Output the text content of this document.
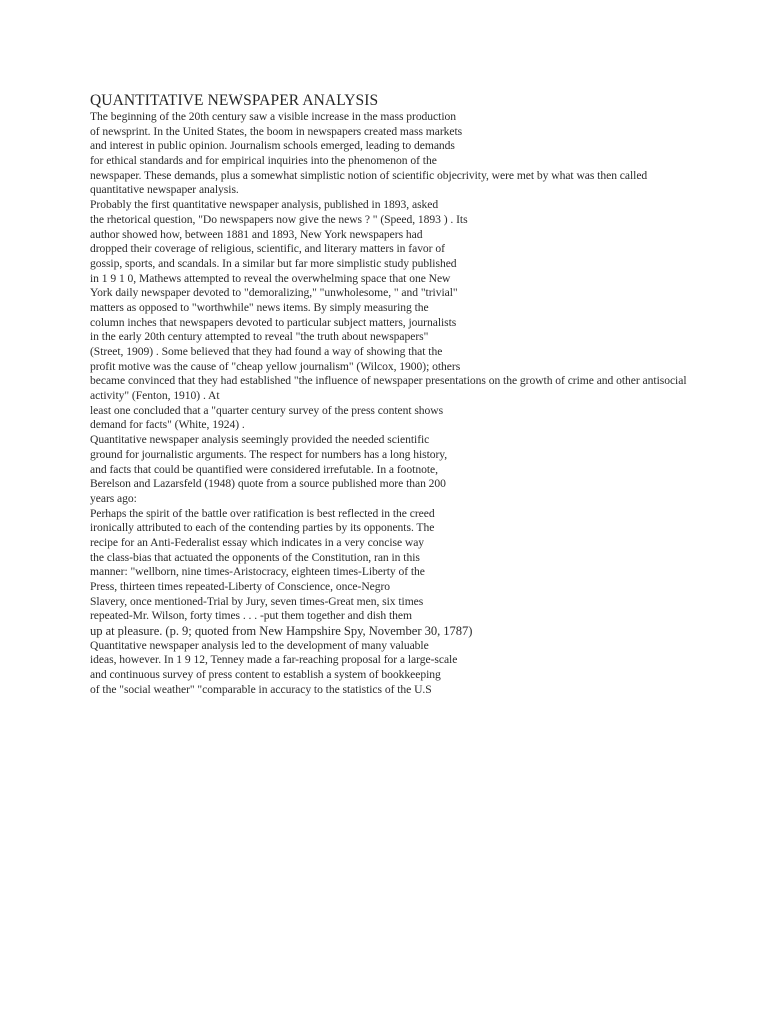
QUANTITATIVE NEWSPAPER ANALYSIS
The beginning of the 20th century saw a visible increase in the mass production
of newsprint. In the United States, the boom in newspapers created mass markets
and interest in public opinion. Journalism schools emerged, leading to demands
for ethical standards and for empirical inquiries into the phenomenon of the
newspaper. These demands, plus a somewhat simplistic notion of scientific objecrivity, were met by what was then called
quantitative newspaper analysis.
Probably the first quantitative newspaper analysis, published in 1893, asked
the rhetorical question, "Do newspapers now give the news ? " (Speed, 1893 ) . Its
author showed how, between 1881 and 1893, New York newspapers had
dropped their coverage of religious, scientific, and literary matters in favor of
gossip, sports, and scandals. In a similar but far more simplistic study published
in 1 9 1 0, Mathews attempted to reveal the overwhelming space that one New
York daily newspaper devoted to "demoralizing," "unwholesome, " and "trivial"
matters as opposed to "worthwhile" news items. By simply measuring the
column inches that newspapers devoted to particular subject matters, journalists
in the early 20th century attempted to reveal "the truth about newspapers"
(Street, 1909) . Some believed that they had found a way of showing that the
profit motive was the cause of "cheap yellow journalism" (Wilcox, 1900); others
became convinced that they had established "the influence of newspaper presentations on the growth of crime and other antisocial
activity" (Fenton, 1910) . At
least one concluded that a "quarter century survey of the press content shows
demand for facts" (White, 1924) .
Quantitative newspaper analysis seemingly provided the needed scientific
ground for journalistic arguments. The respect for numbers has a long history,
and facts that could be quantified were considered irrefutable. In a footnote,
Berelson and Lazarsfeld (1948) quote from a source published more than 200
years ago:
Perhaps the spirit of the battle over ratification is best reflected in the creed
ironically attributed to each of the contending parties by its opponents. The
recipe for an Anti-Federalist essay which indicates in a very concise way
the class-bias that actuated the opponents of the Constitution, ran in this
manner: "wellborn, nine times-Aristocracy, eighteen times-Liberty of the
Press, thirteen times repeated-Liberty of Conscience, once-Negro
Slavery, once mentioned-Trial by Jury, seven times-Great men, six times
repeated-Mr. Wilson, forty times . . . -put them together and dish them
up at pleasure. (p. 9; quoted from New Hampshire Spy, November 30, 1787)
Quantitative newspaper analysis led to the development of many valuable
ideas, however. In 1 9 12, Tenney made a far-reaching proposal for a large-scale
and continuous survey of press content to establish a system of bookkeeping
of the "social weather" "comparable in accuracy to the statistics of the U.S
